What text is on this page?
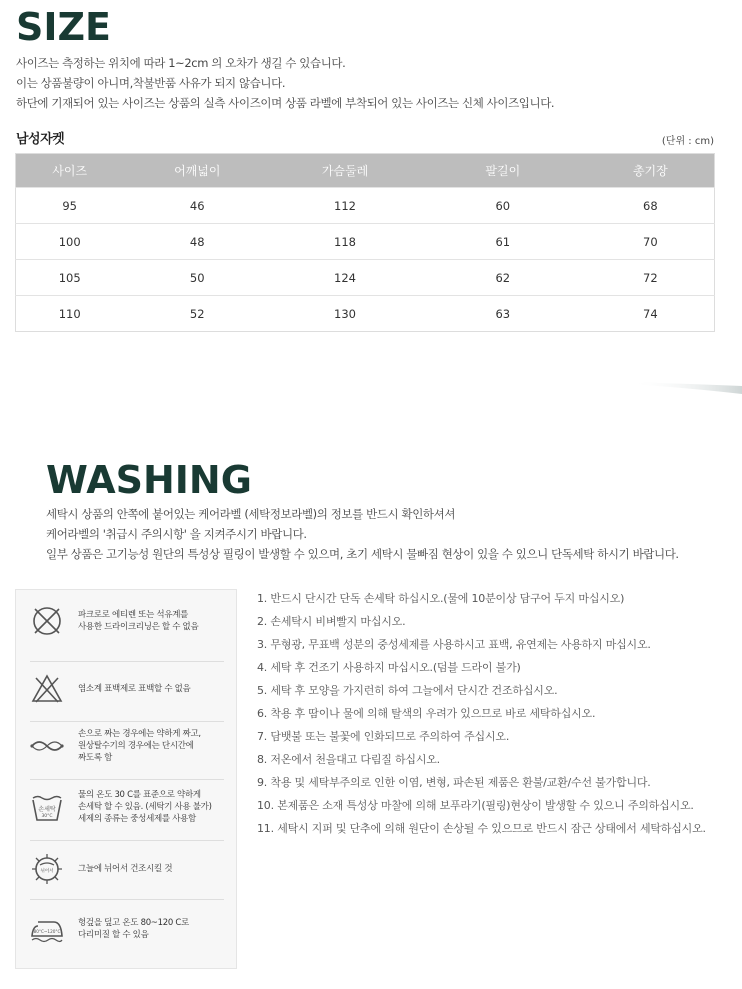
SIZE
사이즈는 측정하는 위치에 따라 1~2cm 의 오차가 생길 수 있습니다.
이는 상품불량이 아니며,착불반품 사유가 되지 않습니다.
하단에 기재되어 있는 사이즈는 상품의 실측 사이즈이며 상품 라벨에 부착되어 있는 사이즈는 신체 사이즈입니다.
남성자켓	(단위 : cm)
사이즈	어깨넓이	가슴둘레	팔길이	총기장
95	46	112	60	68
100	48	118	61	70
105	50	124	62	72
110	52	130	63	74
WASHING
세탁시 상품의 안쪽에 붙어있는 케어라벨 (세탁정보라벨)의 정보를 반드시 확인하셔셔
케어라벨의 '취급시 주의시항' 을 지켜주시기 바랍니다.
일부 상품은 고기능성 원단의 특성상 필링이 발생할 수 있으며, 초기 세탁시 물빠짐 현상이 있을 수 있으니 단독세탁 하시기 바랍니다.
파크로로 에티렌 또는 석유계를
사용한 드라이크리닝은 할 수 없음
염소계 표백제로 표백할 수 없음
손으로 짜는 경우에는 약하게 짜고,
원상탈수기의 경우에는 단시간에
짜도록 함
손세탁
30°C
물의 온도 30 C를 표준으로 약하게
손세탁 할 수 있음. (세탁기 사용 불가)
세제의 종류는 중성세제를 사용함
뉘어서	그늘에 뉘어서 건조시킬 것
80°C~120°C
헝겊을 덮고 온도 80~120 C로
다리미질 할 수 있음
1. 반드시 단시간 단독 손세탁 하십시오.(물에 10분이상 담구어 두지 마십시오)
2. 손세탁시 비벼빨지 마십시오.
3. 무형광, 무표백 성분의 중성세제를 사용하시고 표백, 유연제는 사용하지 마십시오.
4. 세탁 후 건조기 사용하지 마십시오.(덤블 드라이 불가)
5. 세탁 후 모양을 가지런히 하여 그늘에서 단시간 건조하십시오.
6. 착용 후 땀이나 물에 의해 탈색의 우려가 있으므로 바로 세탁하십시오.
7. 담뱃불 또는 불꽃에 인화되므로 주의하여 주십시오.
8. 저온에서 천을대고 다림질 하십시오.
9. 착용 및 세탁부주의로 인한 이염, 변형, 파손된 제품은 환불/교환/수선 불가합니다.
10. 본제품은 소재 특성상 마찰에 의해 보푸라기(필링)현상이 발생할 수 있으니 주의하십시오.
11. 세탁시 지퍼 및 단추에 의해 원단이 손상될 수 있으므로 반드시 잠근 상태에서 세탁하십시오.
